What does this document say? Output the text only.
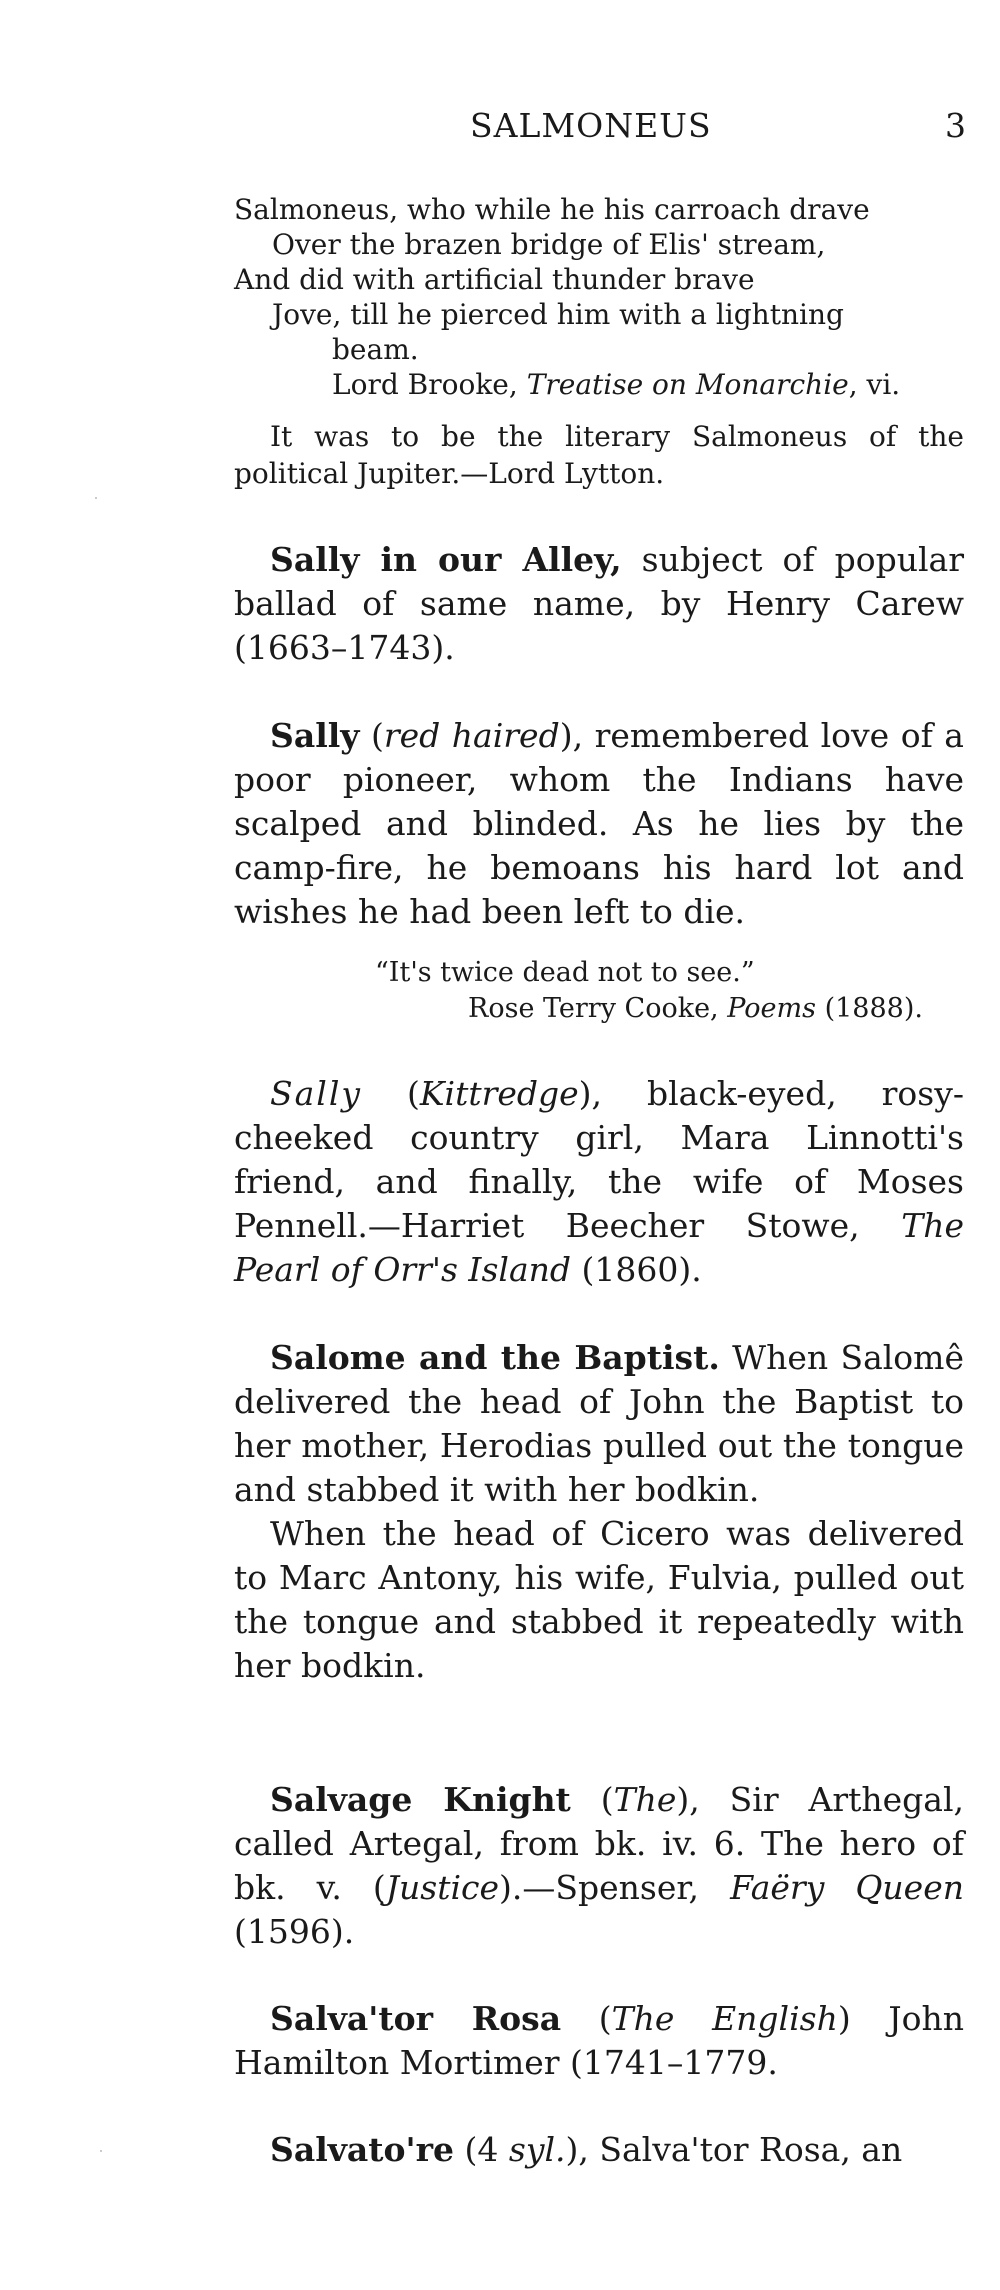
SALMONEUS	3
Salmoneus, who while he his carroach drave
Over the brazen bridge of Elis' stream,
And did with artificial thunder brave
Jove, till he pierced him with a lightning
beam.
Lord Brooke, Treatise on Monarchie, vi.
It was to be the literary Salmoneus of the political Jupiter.—Lord Lytton.

Sally in our Alley, subject of popular ballad of same name, by Henry Carew (1663–1743).

Sally (red haired), remembered love of a poor pioneer, whom the Indians have scalped and blinded. As he lies by the camp-fire, he bemoans his hard lot and wishes he had been left to die.

“It's twice dead not to see.”
Rose Terry Cooke, Poems (1888).

Sally (Kittredge), black-eyed, rosy-cheeked country girl, Mara Linnotti's friend, and finally, the wife of Moses Pennell.—Harriet Beecher Stowe, The Pearl of Orr's Island (1860).

Salome and the Baptist. When Salomê delivered the head of John the Baptist to her mother, Herodias pulled out the tongue and stabbed it with her bodkin.

When the head of Cicero was delivered to Marc Antony, his wife, Fulvia, pulled out the tongue and stabbed it repeatedly with her bodkin.

Salvage Knight (The), Sir Arthegal, called Artegal, from bk. iv. 6. The hero of bk. v. (Justice).—Spenser, Faëry Queen (1596).

Salva'tor Rosa (The English) John Hamilton Mortimer (1741–1779.

Salvato're (4 syl.), Salva'tor Rosa, an
